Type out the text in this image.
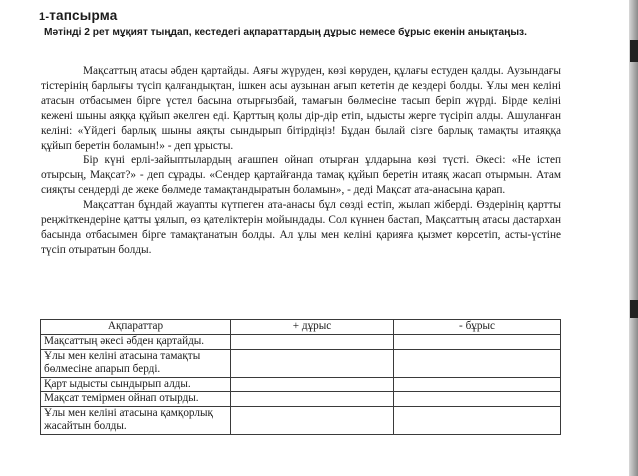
1-тапсырма
Мәтінді 2 рет мұқият тыңдап, кестедегі ақпараттардың дұрыс немесе бұрыс екенін анықтаңыз.

Мақсаттың атасы әбден қартайды. Аяғы жүруден, көзі көруден, құлағы естуден қалды. Аузындағы тістерінің барлығы түсіп қалғандықтан, ішкен асы аузынан ағып кететін де кездері болды. Ұлы мен келіні атасын отбасымен бірге үстел басына отырғызбай, тамағын бөлмесіне тасып беріп жүрді. Бірде келіні кежені шыны аяққа құйып әкелген еді. Қарттың қолы дір-дір етіп, ыдысты жерге түсіріп алды. Ашуланған келіні: «Үйдегі барлық шыны аяқты сындырып бітірдіңіз! Бұдан былай сізге барлық тамақты итаяққа құйып беретін боламын!» - деп ұрысты.

Бір күні ерлі-зайыптылардың ағашпен ойнап отырған ұлдарына көзі түсті. Әкесі: «Не істеп отырсың, Мақсат?» - деп сұрады. «Сендер қартайғанда тамақ құйып беретін итаяқ жасап отырмын. Атам сияқты сендерді де жеке бөлмеде тамақтандыратын боламын», - деді Мақсат ата-анасына қарап.

Мақсаттан бұндай жауапты күтпеген ата-анасы бұл сөзді естіп, жылап жіберді. Өздерінің қартты реңжіткендеріне қатты ұялып, өз қателіктерін мойындады. Сол күннен бастап, Мақсаттың атасы дастархан басында отбасымен бірге тамақтанатын болды. Ал ұлы мен келіні қарияға қызмет көрсетіп, асты-үстіне түсіп отыратын болды.

Ақпараттар	+ дұрыс	- бұрыс
Мақсаттың әкесі әбден қартайды.		
Ұлы мен келіні атасына тамақты бөлмесіне апарып берді.		
Қарт ыдысты сындырып алды.		
Мақсат темірмен ойнап отырды.		
Ұлы мен келіні атасына қамқорлық жасайтын болды.		
